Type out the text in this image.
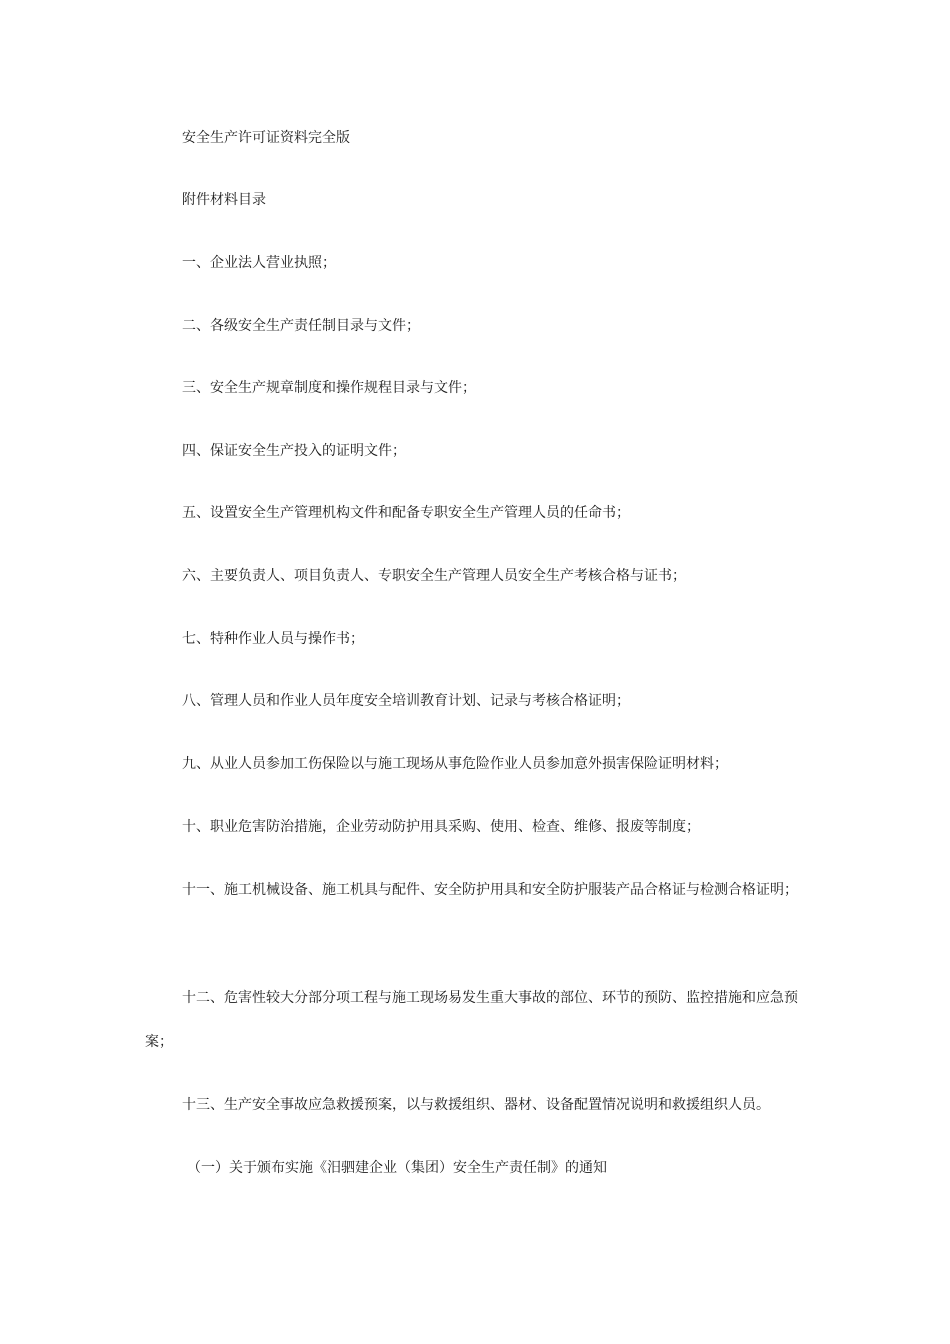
安全生产许可证资料完全版

附件材料目录

一、企业法人营业执照；

二、各级安全生产责任制目录与文件；

三、安全生产规章制度和操作规程目录与文件；

四、保证安全生产投入的证明文件；

五、设置安全生产管理机构文件和配备专职安全生产管理人员的任命书；

六、主要负责人、项目负责人、专职安全生产管理人员安全生产考核合格与证书；

七、特种作业人员与操作书；

八、管理人员和作业人员年度安全培训教育计划、记录与考核合格证明；

九、从业人员参加工伤保险以与施工现场从事危险作业人员参加意外损害保险证明材料；

十、职业危害防治措施，企业劳动防护用具采购、使用、检查、维修、报废等制度；

十一、施工机械设备、施工机具与配件、安全防护用具和安全防护服装产品合格证与检测合格证明；

十二、危害性较大分部分项工程与施工现场易发生重大事故的部位、环节的预防、监控措施和应急预案；

十三、生产安全事故应急救援预案，以与救援组织、器材、设备配置情况说明和救援组织人员。

（一）关于颁布实施《汨驷建企业（集团）安全生产责任制》的通知
